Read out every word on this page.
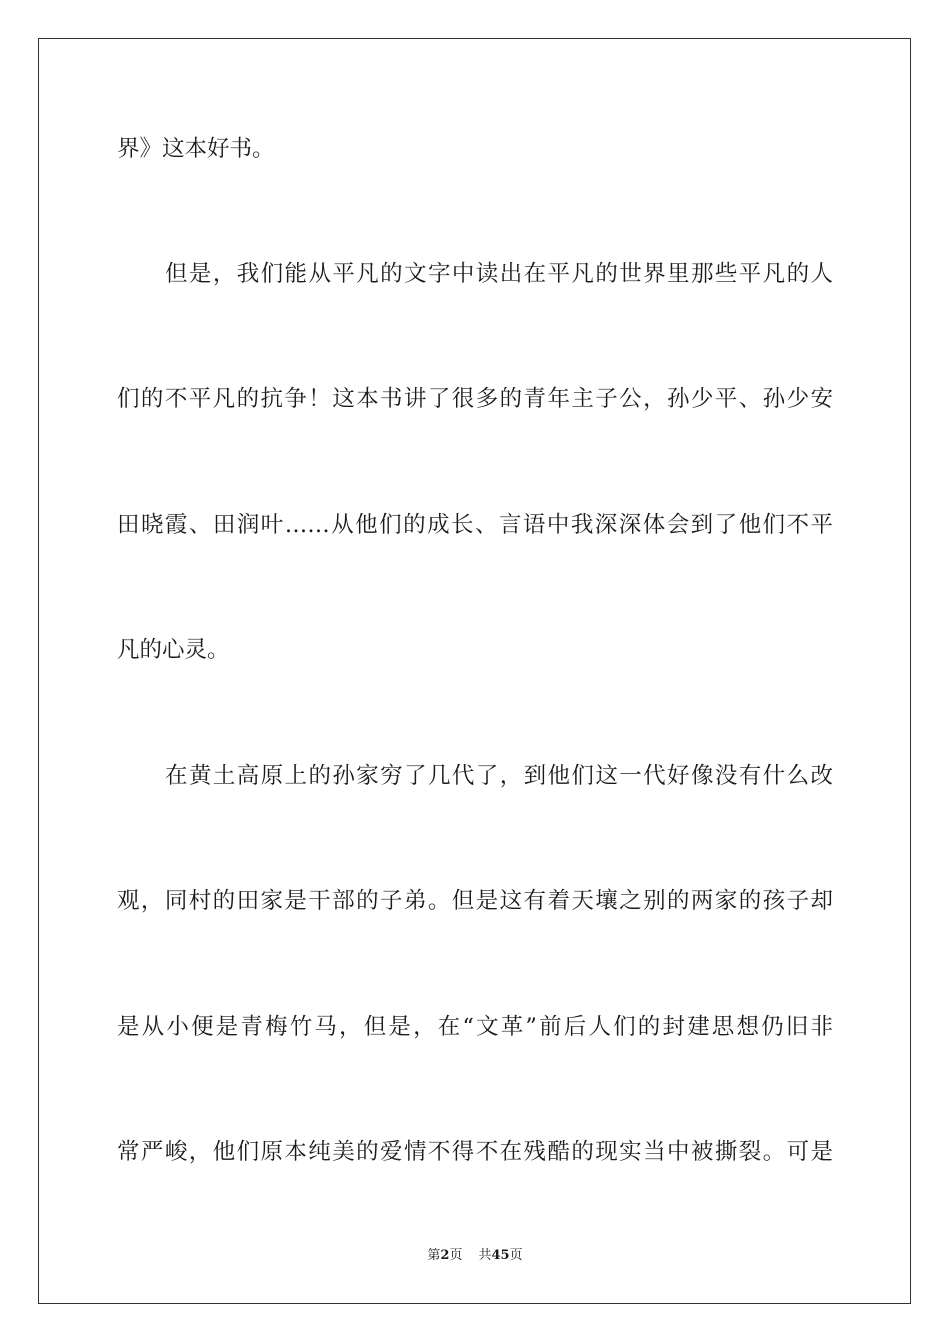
界》这本好书。
但是，我们能从平凡的文字中读出在平凡的世界里那些平凡的人
们的不平凡的抗争！这本书讲了很多的青年主子公，孙少平、孙少安
田晓霞、田润叶……从他们的成长、言语中我深深体会到了他们不平
凡的心灵。
在黄土高原上的孙家穷了几代了，到他们这一代好像没有什么改
观，同村的田家是干部的子弟。但是这有着天壤之别的两家的孩子却
是从小便是青梅竹马，但是，在“文革”前后人们的封建思想仍旧非
常严峻，他们原本纯美的爱情不得不在残酷的现实当中被撕裂。可是
第2页 共45页
